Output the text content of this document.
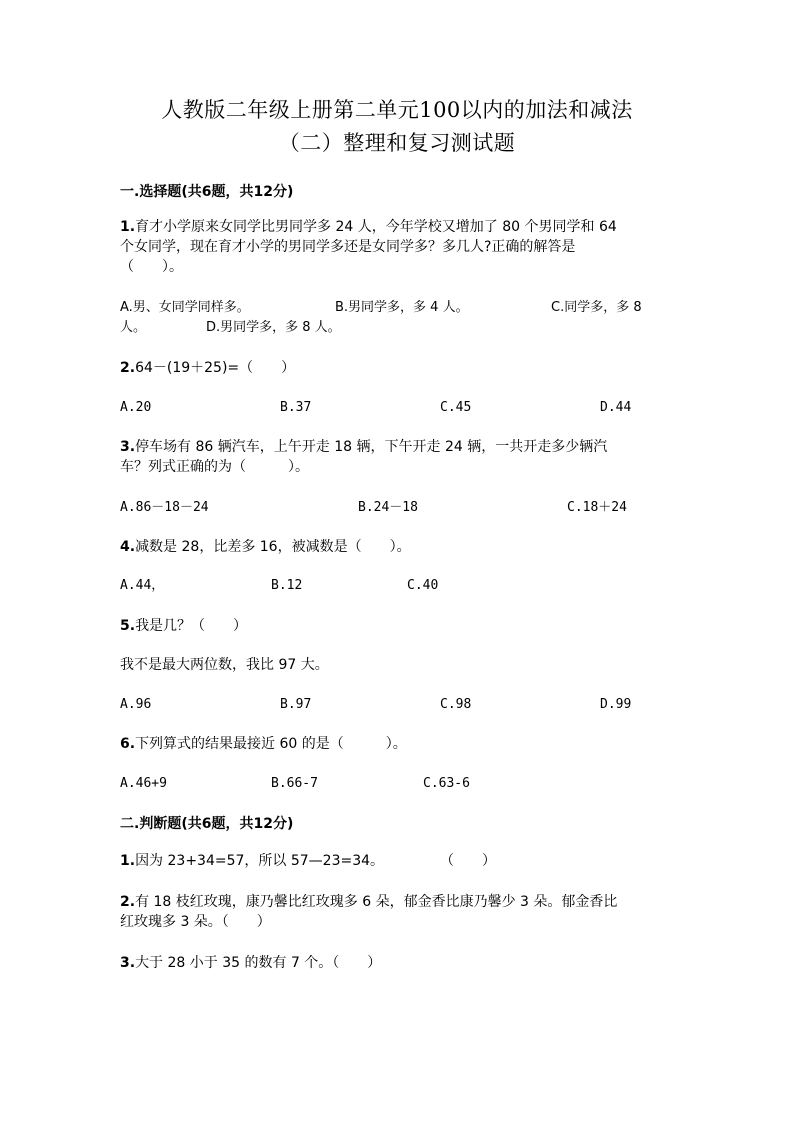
人教版二年级上册第二单元100以内的加法和减法
（二）整理和复习测试题
一.选择题(共6题，共12分)
1.育才小学原来女同学比男同学多 24 人，今年学校又增加了 80 个男同学和 64
个女同学，现在育才小学的男同学多还是女同学多？多几人?正确的解答是
（　　）。
A.男、女同学同样多。	B.男同学多，多 4 人。	C.同学多，多 8
人。	D.男同学多，多 8 人。
2.64－(19＋25)=（　　）
A.20	B.37	C.45	D.44
3.停车场有 86 辆汽车，上午开走 18 辆，下午开走 24 辆，一共开走多少辆汽
车？列式正确的为（　　　）。
A.86－18－24	B.24－18	C.18＋24
4.减数是 28，比差多 16，被减数是（　　）。
A.44，	B.12	C.40
5.我是几？（　　）
我不是最大两位数，我比 97 大。
A.96	B.97	C.98	D.99
6.下列算式的结果最接近 60 的是（　　　）。
A.46+9	B.66-7	C.63-6
二.判断题(共6题，共12分)
1.因为 23+34=57，所以 57—23=34。　　　　　（　　）
2.有 18 枝红玫瑰，康乃馨比红玫瑰多 6 朵，郁金香比康乃馨少 3 朵。郁金香比
红玫瑰多 3 朵。（　　）
3.大于 28 小于 35 的数有 7 个。（　　）
